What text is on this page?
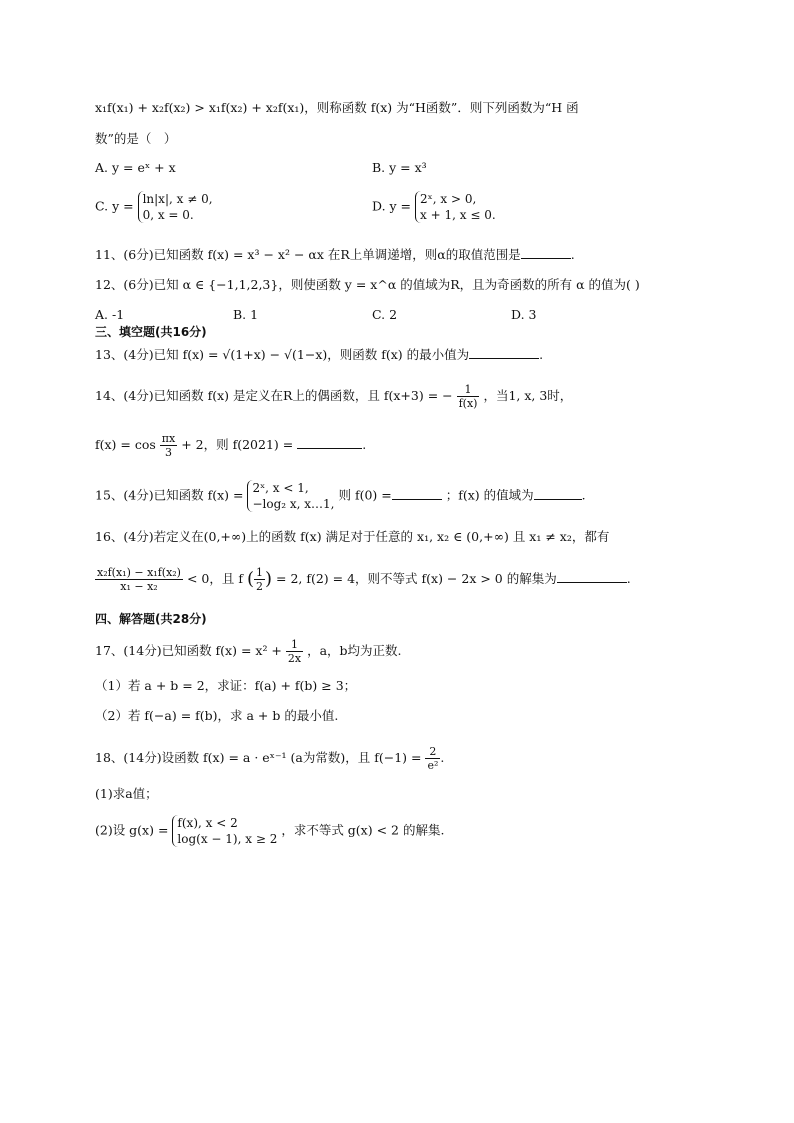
x₁f(x₁) + x₂f(x₂) > x₁f(x₂) + x₂f(x₁)，则称函数 f(x) 为“H函数”．则下列函数为“H 函
数”的是（　）
A. y = eˣ + x	B. y = x³
C. y = ln|x|, x ≠ 0,
0, x = 0.
D. y = 2ˣ, x > 0,
x + 1, x ≤ 0.
11、(6分)已知函数 f(x) = x³ − x² − αx 在R上单调递增，则α的取值范围是	.
12、(6分)已知 α ∈ {−1,1,2,3}，则使函数 y = x^α 的值域为R，且为奇函数的所有 α 的值为( )
A. -1	B. 1	C. 2	D. 3
三、填空题(共16分)
13、(4分)已知 f(x) = √(1+x) − √(1−x)，则函数 f(x) 的最小值为	.
14、(4分)已知函数 f(x) 是定义在R上的偶函数，且 f(x+3) = − $\frac{1}{f(x)}$ ，当1, x, 3时，
$f(x) = \cos \frac{\pi x}{3} + 2$，则 f(2021) =	.
15、(4分)已知函数 f(x) = 2ˣ, x < 1,
−log₂ x, x…1,
则 f(0) =	；f(x) 的值域为	.
16、(4分)若定义在(0,+∞)上的函数 f(x) 满足对于任意的 x₁, x₂ ∈ (0,+∞) 且 x₁ ≠ x₂，都有
$\frac{\text{x₂f(x₁) − x₁f(x₂)}}{\text{x₁ − x₂}} < 0$，且 f ( $\frac{1}{2}$ ) = 2, f(2) = 4，则不等式 f(x) − 2x > 0 的解集为	.
四、解答题(共28分)
17、(14分)已知函数 $f(x) = x^2 + \frac{1}{2x}$ ，a，b均为正数.
（1）若 a + b = 2，求证：f(a) + f(b) ≥ 3；
（2）若 f(−a) = f(b)，求 a + b 的最小值.
18、(14分)设函数 f(x) = a · eˣ⁻¹ (a为常数)，且 $f(-1) = \frac{2}{\text{e²}}$ .
(1)求a值；
(2)设 g(x) = f(x), x < 2
log(x − 1), x ≥ 2
，求不等式 g(x) < 2 的解集.
